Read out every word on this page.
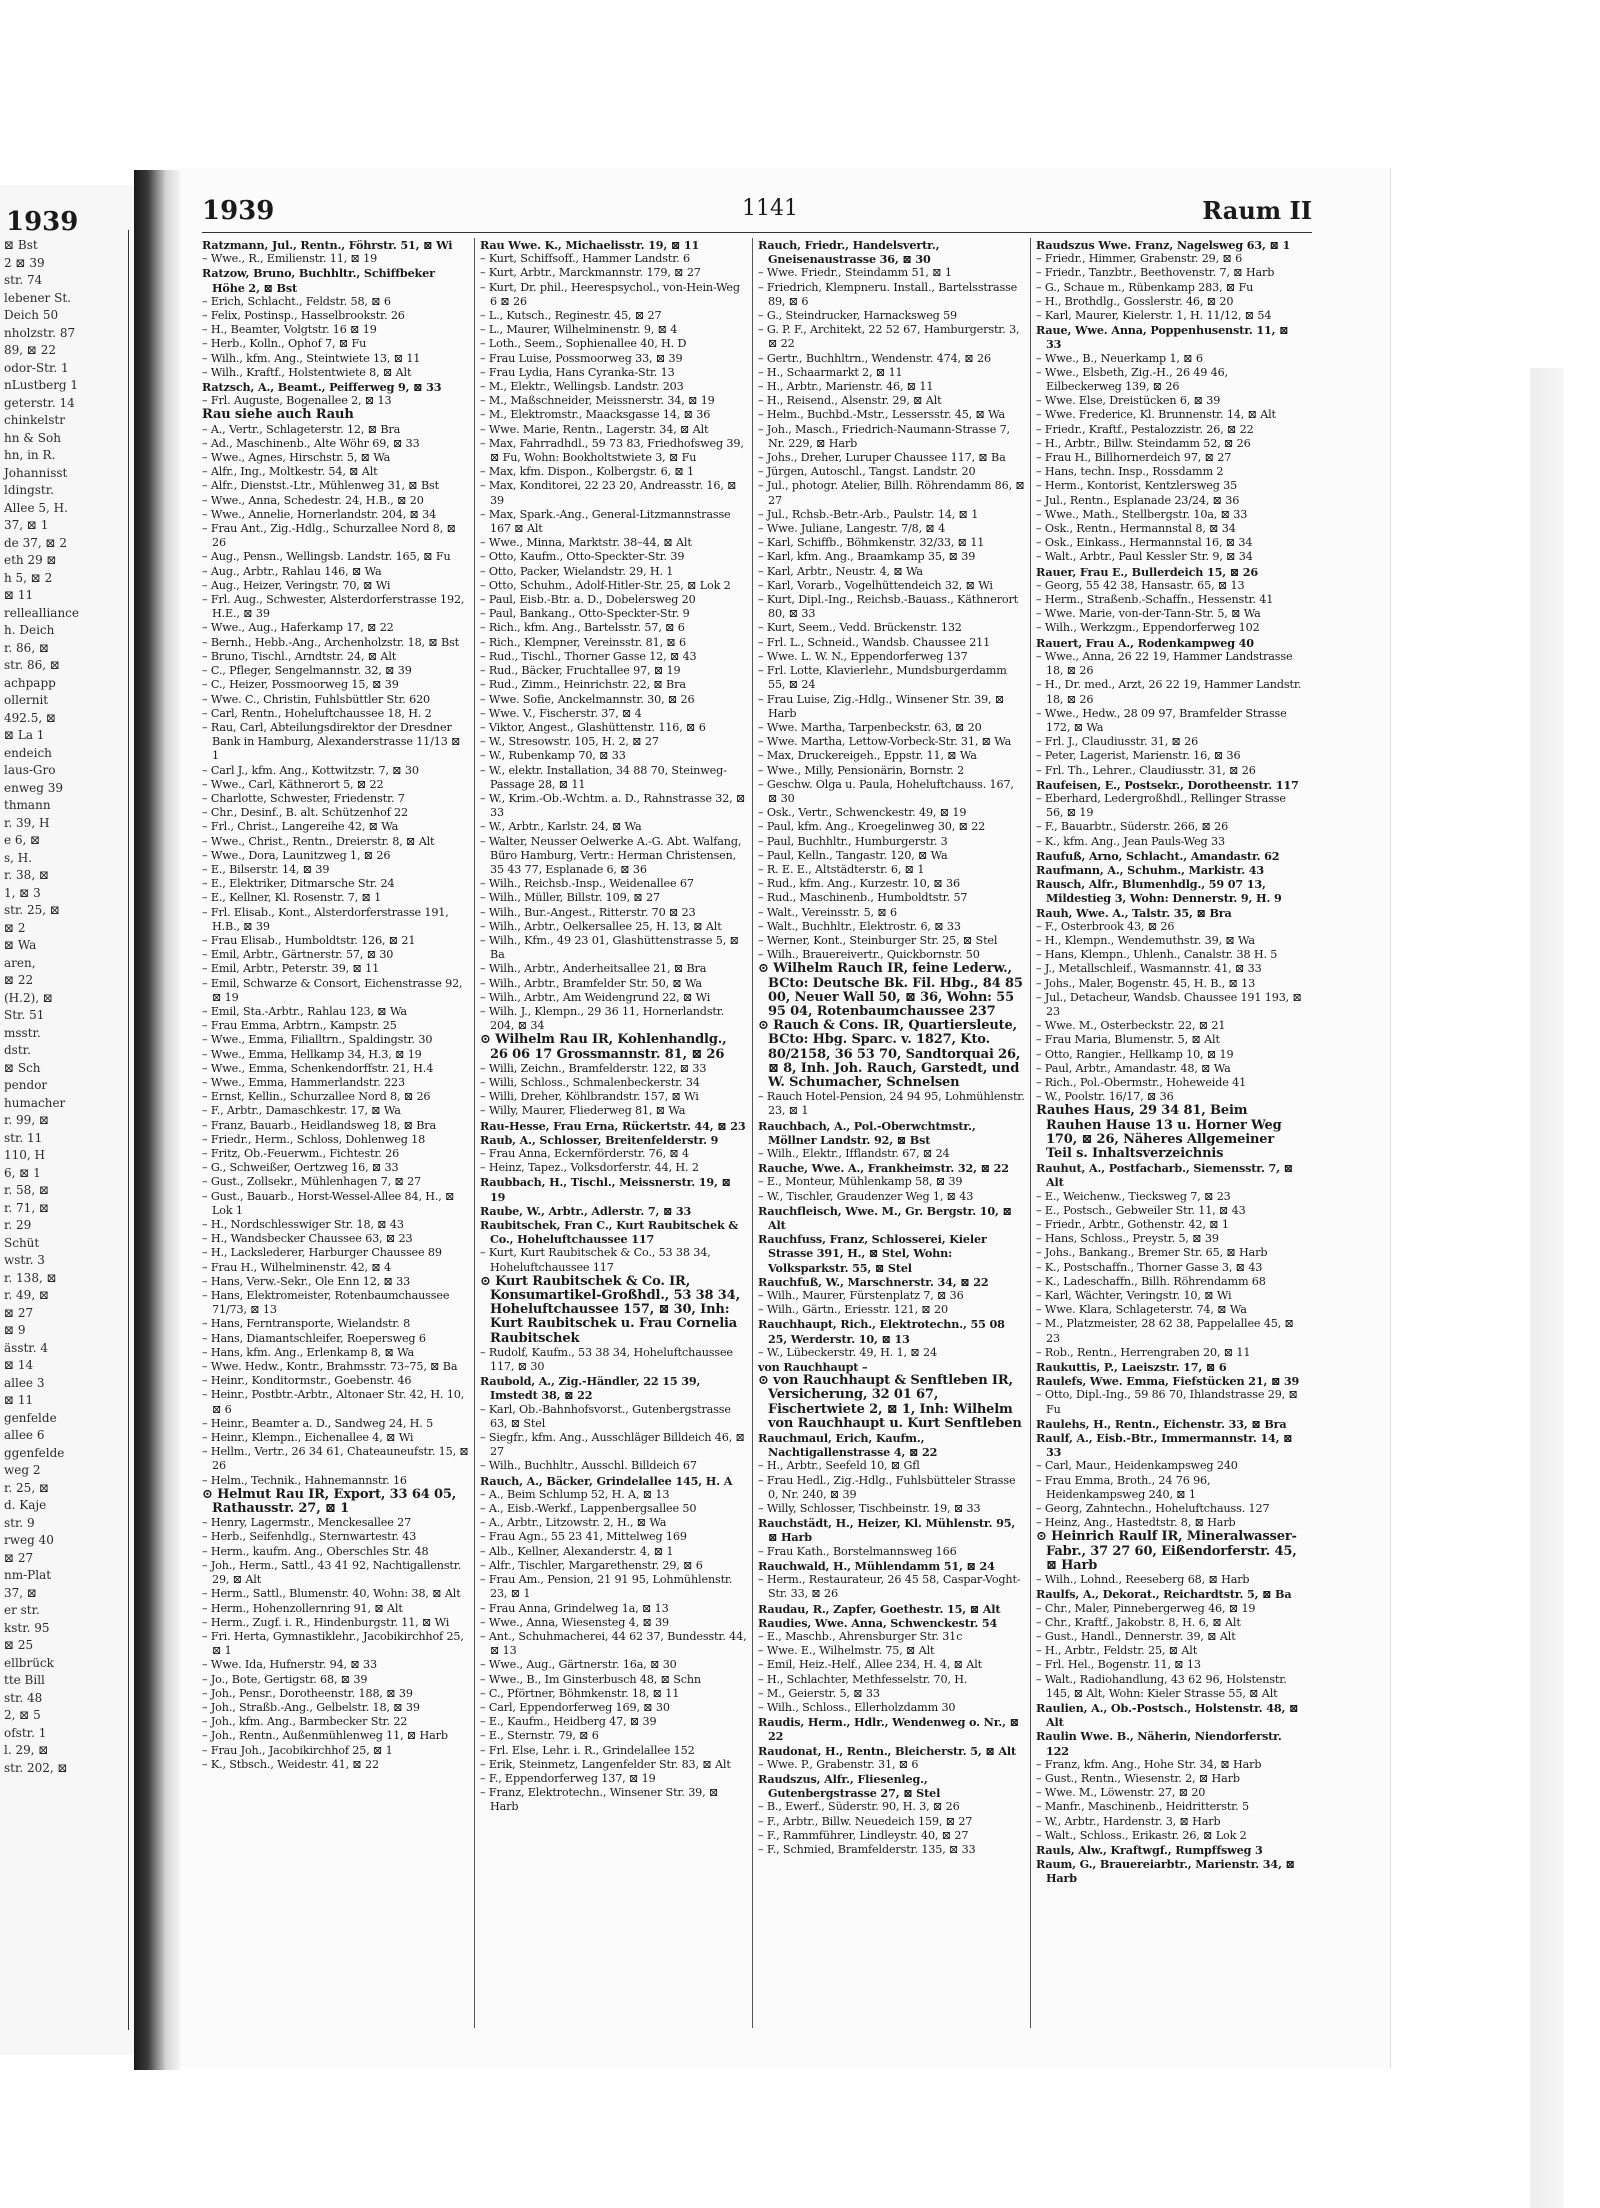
1939
⊠ Bst
2 ⊠ 39
str. 74
lebener St.
Deich 50
nholzstr. 87
89, ⊠ 22
odor-Str. 1
nLustberg 1
geterstr. 14
chinkelstr
hn & Soh
hn, in R.
Johannisst
ldingstr.
Allee 5, H.
37, ⊠ 1
de 37, ⊠ 2
eth 29 ⊠
h 5, ⊠ 2
⊠ 11
rellealliance
h. Deich
r. 86, ⊠
str. 86, ⊠
achpapp
ollernit
492.5, ⊠
⊠ La 1
endeich
laus-Gro
enweg 39
thmann
r. 39, H
e 6, ⊠
s, H.
r. 38, ⊠
1, ⊠ 3
str. 25, ⊠
⊠ 2
⊠ Wa
aren,
⊠ 22
(H.2), ⊠
Str. 51
msstr.
dstr.
⊠ Sch
pendor
humacher
r. 99, ⊠
str. 11
110, H
6, ⊠ 1
r. 58, ⊠
r. 71, ⊠
r. 29
Schüt
wstr. 3
r. 138, ⊠
r. 49, ⊠
⊠ 27
⊠ 9
ässtr. 4
⊠ 14
allee 3
⊠ 11
genfelde
allee 6
ggenfelde
weg 2
r. 25, ⊠
d. Kaje
str. 9
rweg 40
⊠ 27
nm-Plat
37, ⊠
er str.
kstr. 95
⊠ 25
ellbrück
tte Bill
str. 48
2, ⊠ 5
ofstr. 1
l. 29, ⊠
str. 202, ⊠
1939	1141	Raum II
Ratzmann, Jul., Rentn., Föhrstr. 51, ⊠ Wi
– Wwe., R., Emilienstr. 11, ⊠ 19
Ratzow, Bruno, Buchhltr., Schiffbeker Höhe 2, ⊠ Bst
– Erich, Schlacht., Feldstr. 58, ⊠ 6
– Felix, Postinsp., Hasselbrookstr. 26
– H., Beamter, Volgtstr. 16 ⊠ 19
– Herb., Kolln., Ophof 7, ⊠ Fu
– Wilh., kfm. Ang., Steintwiete 13, ⊠ 11
– Wilh., Kraftf., Holstentwiete 8, ⊠ Alt
Ratzsch, A., Beamt., Peifferweg 9, ⊠ 33
– Frl. Auguste, Bogenallee 2, ⊠ 13
Rau siehe auch Rauh
– A., Vertr., Schlageterstr. 12, ⊠ Bra
– Ad., Maschinenb., Alte Wöhr 69, ⊠ 33
– Wwe., Agnes, Hirschstr. 5, ⊠ Wa
– Alfr., Ing., Moltkestr. 54, ⊠ Alt
– Alfr., Dienstst.-Ltr., Mühlenweg 31, ⊠ Bst
– Wwe., Anna, Schedestr. 24, H.B., ⊠ 20
– Wwe., Annelie, Hornerlandstr. 204, ⊠ 34
– Frau Ant., Zig.-Hdlg., Schurzallee Nord 8, ⊠ 26
– Aug., Pensn., Wellingsb. Landstr. 165, ⊠ Fu
– Aug., Arbtr., Rahlau 146, ⊠ Wa
– Aug., Heizer, Veringstr. 70, ⊠ Wi
– Frl. Aug., Schwester, Alsterdorferstrasse 192, H.E., ⊠ 39
– Wwe., Aug., Haferkamp 17, ⊠ 22
– Bernh., Hebb.-Ang., Archenholzstr. 18, ⊠ Bst
– Bruno, Tischl., Arndtstr. 24, ⊠ Alt
– C., Pfleger, Sengelmannstr. 32, ⊠ 39
– C., Heizer, Possmoorweg 15, ⊠ 39
– Wwe. C., Christin, Fuhlsbüttler Str. 620
– Carl, Rentn., Hoheluftchaussee 18, H. 2
– Rau, Carl, Abteilungsdirektor der Dresdner Bank in Hamburg, Alexanderstrasse 11/13 ⊠ 1
– Carl J., kfm. Ang., Kottwitzstr. 7, ⊠ 30
– Wwe., Carl, Käthnerort 5, ⊠ 22
– Charlotte, Schwester, Friedenstr. 7
– Chr., Desinf., B. alt. Schützenhof 22
– Frl., Christ., Langereihe 42, ⊠ Wa
– Wwe., Christ., Rentn., Dreierstr. 8, ⊠ Alt
– Wwe., Dora, Launitzweg 1, ⊠ 26
– E., Bilserstr. 14, ⊠ 39
– E., Elektriker, Ditmarsche Str. 24
– E., Kellner, Kl. Rosenstr. 7, ⊠ 1
– Frl. Elisab., Kont., Alsterdorferstrasse 191, H.B., ⊠ 39
– Frau Elisab., Humboldtstr. 126, ⊠ 21
– Emil, Arbtr., Gärtnerstr. 57, ⊠ 30
– Emil, Arbtr., Peterstr. 39, ⊠ 11
– Emil, Schwarze & Consort, Eichenstrasse 92, ⊠ 19
– Emil, Sta.-Arbtr., Rahlau 123, ⊠ Wa
– Frau Emma, Arbtrn., Kampstr. 25
– Wwe., Emma, Filialltrn., Spaldingstr. 30
– Wwe., Emma, Hellkamp 34, H.3, ⊠ 19
– Wwe., Emma, Schenkendorffstr. 21, H.4
– Wwe., Emma, Hammerlandstr. 223
– Ernst, Kellin., Schurzallee Nord 8, ⊠ 26
– F., Arbtr., Damaschkestr. 17, ⊠ Wa
– Franz, Bauarb., Heidlandsweg 18, ⊠ Bra
– Friedr., Herm., Schloss, Dohlenweg 18
– Fritz, Ob.-Feuerwm., Fichtestr. 26
– G., Schweißer, Oertzweg 16, ⊠ 33
– Gust., Zollsekr., Mühlenhagen 7, ⊠ 27
– Gust., Bauarb., Horst-Wessel-Allee 84, H., ⊠ Lok 1
– H., Nordschlesswiger Str. 18, ⊠ 43
– H., Wandsbecker Chaussee 63, ⊠ 23
– H., Lackslederer, Harburger Chaussee 89
– Frau H., Wilhelminenstr. 42, ⊠ 4
– Hans, Verw.-Sekr., Ole Enn 12, ⊠ 33
– Hans, Elektromeister, Rotenbaumchaussee 71/73, ⊠ 13
– Hans, Ferntransporte, Wielandstr. 8
– Hans, Diamantschleifer, Roepersweg 6
– Hans, kfm. Ang., Erlenkamp 8, ⊠ Wa
– Wwe. Hedw., Kontr., Brahmsstr. 73–75, ⊠ Ba
– Heinr., Konditormstr., Goebenstr. 46
– Heinr., Postbtr.-Arbtr., Altonaer Str. 42, H. 10, ⊠ 6
– Heinr., Beamter a. D., Sandweg 24, H. 5
– Heinr., Klempn., Eichenallee 4, ⊠ Wi
– Hellm., Vertr., 26 34 61, Chateauneufstr. 15, ⊠ 26
– Helm., Technik., Hahnemannstr. 16
⊙ Helmut Rau IR, Export, 33 64 05, Rathausstr. 27, ⊠ 1
– Henry, Lagermstr., Menckesallee 27
– Herb., Seifenhdlg., Sternwartestr. 43
– Herm., kaufm. Ang., Oberschles Str. 48
– Joh., Herm., Sattl., 43 41 92, Nachtigallenstr. 29, ⊠ Alt
– Herm., Sattl., Blumenstr. 40, Wohn: 38, ⊠ Alt
– Herm., Hohenzollernring 91, ⊠ Alt
– Herm., Zugf. i. R., Hindenburgstr. 11, ⊠ Wi
– Fri. Herta, Gymnastiklehr., Jacobikirchhof 25, ⊠ 1
– Wwe. Ida, Hufnerstr. 94, ⊠ 33
– Jo., Bote, Gertigstr. 68, ⊠ 39
– Joh., Pensr., Dorotheenstr. 188, ⊠ 39
– Joh., Straßb.-Ang., Gelbelstr. 18, ⊠ 39
– Joh., kfm. Ang., Barmbecker Str. 22
– Joh., Rentn., Außenmühlenweg 11, ⊠ Harb
– Frau Joh., Jacobikirchhof 25, ⊠ 1
– K., Stbsch., Weidestr. 41, ⊠ 22
Rau Wwe. K., Michaelisstr. 19, ⊠ 11
– Kurt, Schiffsoff., Hammer Landstr. 6
– Kurt, Arbtr., Marckmannstr. 179, ⊠ 27
– Kurt, Dr. phil., Heerespsychol., von-Hein-Weg 6 ⊠ 26
– L., Kutsch., Reginestr. 45, ⊠ 27
– L., Maurer, Wilhelminenstr. 9, ⊠ 4
– Loth., Seem., Sophienallee 40, H. D
– Frau Luise, Possmoorweg 33, ⊠ 39
– Frau Lydia, Hans Cyranka-Str. 13
– M., Elektr., Wellingsb. Landstr. 203
– M., Maßschneider, Meissnerstr. 34, ⊠ 19
– M., Elektromstr., Maacksgasse 14, ⊠ 36
– Wwe. Marie, Rentn., Lagerstr. 34, ⊠ Alt
– Max, Fahrradhdl., 59 73 83, Friedhofsweg 39, ⊠ Fu, Wohn: Bookholtstwiete 3, ⊠ Fu
– Max, kfm. Dispon., Kolbergstr. 6, ⊠ 1
– Max, Konditorei, 22 23 20, Andreasstr. 16, ⊠ 39
– Max, Spark.-Ang., General-Litzmannstrasse 167 ⊠ Alt
– Wwe., Minna, Marktstr. 38–44, ⊠ Alt
– Otto, Kaufm., Otto-Speckter-Str. 39
– Otto, Packer, Wielandstr. 29, H. 1
– Otto, Schuhm., Adolf-Hitler-Str. 25, ⊠ Lok 2
– Paul, Eisb.-Btr. a. D., Dobelersweg 20
– Paul, Bankang., Otto-Speckter-Str. 9
– Rich., kfm. Ang., Bartelsstr. 57, ⊠ 6
– Rich., Klempner, Vereinsstr. 81, ⊠ 6
– Rud., Tischl., Thorner Gasse 12, ⊠ 43
– Rud., Bäcker, Fruchtallee 97, ⊠ 19
– Rud., Zimm., Heinrichstr. 22, ⊠ Bra
– Wwe. Sofie, Anckelmannstr. 30, ⊠ 26
– Wwe. V., Fischerstr. 37, ⊠ 4
– Viktor, Angest., Glashüttenstr. 116, ⊠ 6
– W., Stresowstr. 105, H. 2, ⊠ 27
– W., Rubenkamp 70, ⊠ 33
– W., elektr. Installation, 34 88 70, Steinweg-Passage 28, ⊠ 11
– W., Krim.-Ob.-Wchtm. a. D., Rahnstrasse 32, ⊠ 33
– W., Arbtr., Karlstr. 24, ⊠ Wa
– Walter, Neusser Oelwerke A.-G. Abt. Walfang, Büro Hamburg, Vertr.: Herman Christensen, 35 43 77, Esplanade 6, ⊠ 36
– Wilh., Reichsb.-Insp., Weidenallee 67
– Wilh., Müller, Billstr. 109, ⊠ 27
– Wilh., Bur.-Angest., Ritterstr. 70 ⊠ 23
– Wilh., Arbtr., Oelkersallee 25, H. 13, ⊠ Alt
– Wilh., Kfm., 49 23 01, Glashüttenstrasse 5, ⊠ Ba
– Wilh., Arbtr., Anderheitsallee 21, ⊠ Bra
– Wilh., Arbtr., Bramfelder Str. 50, ⊠ Wa
– Wilh., Arbtr., Am Weidengrund 22, ⊠ Wi
– Wilh. J., Klempn., 29 36 11, Hornerlandstr. 204, ⊠ 34
⊙ Wilhelm Rau IR, Kohlenhandlg., 26 06 17 Grossmannstr. 81, ⊠ 26
– Willi, Zeichn., Bramfelderstr. 122, ⊠ 33
– Willi, Schloss., Schmalenbeckerstr. 34
– Willi, Dreher, Köhlbrandstr. 157, ⊠ Wi
– Willy, Maurer, Fliederweg 81, ⊠ Wa
Rau-Hesse, Frau Erna, Rückertstr. 44, ⊠ 23
Raub, A., Schlosser, Breitenfelderstr. 9
– Frau Anna, Eckernförderstr. 76, ⊠ 4
– Heinz, Tapez., Volksdorferstr. 44, H. 2
Raubbach, H., Tischl., Meissnerstr. 19, ⊠ 19
Raube, W., Arbtr., Adlerstr. 7, ⊠ 33
Raubitschek, Fran C., Kurt Raubitschek & Co., Hoheluftchaussee 117
– Kurt, Kurt Raubitschek & Co., 53 38 34, Hoheluftchaussee 117
⊙ Kurt Raubitschek & Co. IR, Konsumartikel-Großhdl., 53 38 34, Hoheluftchaussee 157, ⊠ 30, Inh: Kurt Raubitschek u. Frau Cornelia Raubitschek
– Rudolf, Kaufm., 53 38 34, Hoheluftchaussee 117, ⊠ 30
Raubold, A., Zig.-Händler, 22 15 39, Imstedt 38, ⊠ 22
– Karl, Ob.-Bahnhofsvorst., Gutenbergstrasse 63, ⊠ Stel
– Siegfr., kfm. Ang., Ausschläger Billdeich 46, ⊠ 27
– Wilh., Buchhltr., Ausschl. Billdeich 67
Rauch, A., Bäcker, Grindelallee 145, H. A
– A., Beim Schlump 52, H. A, ⊠ 13
– A., Eisb.-Werkf., Lappenbergsallee 50
– A., Arbtr., Litzowstr. 2, H., ⊠ Wa
– Frau Agn., 55 23 41, Mittelweg 169
– Alb., Kellner, Alexanderstr. 4, ⊠ 1
– Alfr., Tischler, Margarethenstr. 29, ⊠ 6
– Frau Am., Pension, 21 91 95, Lohmühlenstr. 23, ⊠ 1
– Frau Anna, Grindelweg 1a, ⊠ 13
– Wwe., Anna, Wiesensteg 4, ⊠ 39
– Ant., Schuhmacherei, 44 62 37, Bundesstr. 44, ⊠ 13
– Wwe., Aug., Gärtnerstr. 16a, ⊠ 30
– Wwe., B., Im Ginsterbusch 48, ⊠ Schn
– C., Pförtner, Böhmkenstr. 18, ⊠ 11
– Carl, Eppendorferweg 169, ⊠ 30
– E., Kaufm., Heidberg 47, ⊠ 39
– E., Sternstr. 79, ⊠ 6
– Frl. Else, Lehr. i. R., Grindelallee 152
– Erik, Steinmetz, Langenfelder Str. 83, ⊠ Alt
– F., Eppendorferweg 137, ⊠ 19
– Franz, Elektrotechn., Winsener Str. 39, ⊠ Harb
Rauch, Friedr., Handelsvertr., Gneisenaustrasse 36, ⊠ 30
– Wwe. Friedr., Steindamm 51, ⊠ 1
– Friedrich, Klempneru. Install., Bartelsstrasse 89, ⊠ 6
– G., Steindrucker, Harnacksweg 59
– G. P. F., Architekt, 22 52 67, Hamburgerstr. 3, ⊠ 22
– Gertr., Buchhltrn., Wendenstr. 474, ⊠ 26
– H., Schaarmarkt 2, ⊠ 11
– H., Arbtr., Marienstr. 46, ⊠ 11
– H., Reisend., Alsenstr. 29, ⊠ Alt
– Helm., Buchbd.-Mstr., Lessersstr. 45, ⊠ Wa
– Joh., Masch., Friedrich-Naumann-Strasse 7, Nr. 229, ⊠ Harb
– Johs., Dreher, Luruper Chaussee 117, ⊠ Ba
– Jürgen, Autoschl., Tangst. Landstr. 20
– Jul., photogr. Atelier, Billh. Röhrendamm 86, ⊠ 27
– Jul., Rchsb.-Betr.-Arb., Paulstr. 14, ⊠ 1
– Wwe. Juliane, Langestr. 7/8, ⊠ 4
– Karl, Schiffb., Böhmkenstr. 32/33, ⊠ 11
– Karl, kfm. Ang., Braamkamp 35, ⊠ 39
– Karl, Arbtr., Neustr. 4, ⊠ Wa
– Karl, Vorarb., Vogelhüttendeich 32, ⊠ Wi
– Kurt, Dipl.-Ing., Reichsb.-Bauass., Käthnerort 80, ⊠ 33
– Kurt, Seem., Vedd. Brückenstr. 132
– Frl. L., Schneid., Wandsb. Chaussee 211
– Wwe. L. W. N., Eppendorferweg 137
– Frl. Lotte, Klavierlehr., Mundsburgerdamm 55, ⊠ 24
– Frau Luise, Zig.-Hdlg., Winsener Str. 39, ⊠ Harb
– Wwe. Martha, Tarpenbeckstr. 63, ⊠ 20
– Wwe. Martha, Lettow-Vorbeck-Str. 31, ⊠ Wa
– Max, Druckereigeh., Eppstr. 11, ⊠ Wa
– Wwe., Milly, Pensionärin, Bornstr. 2
– Geschw. Olga u. Paula, Hoheluftchauss. 167, ⊠ 30
– Osk., Vertr., Schwenckestr. 49, ⊠ 19
– Paul, kfm. Ang., Kroegelinweg 30, ⊠ 22
– Paul, Buchhltr., Humburgerstr. 3
– Paul, Kelln., Tangastr. 120, ⊠ Wa
– R. E. E., Altstädterstr. 6, ⊠ 1
– Rud., kfm. Ang., Kurzestr. 10, ⊠ 36
– Rud., Maschinenb., Humboldtstr. 57
– Walt., Vereinsstr. 5, ⊠ 6
– Walt., Buchhltr., Elektrostr. 6, ⊠ 33
– Werner, Kont., Steinburger Str. 25, ⊠ Stel
– Wilh., Brauereivertr., Quickbornstr. 50
⊙ Wilhelm Rauch IR, feine Lederw., BCto: Deutsche Bk. Fil. Hbg., 84 85 00, Neuer Wall 50, ⊠ 36, Wohn: 55 95 04, Rotenbaumchaussee 237
⊙ Rauch & Cons. IR, Quartiersleute, BCto: Hbg. Sparc. v. 1827, Kto. 80/2158, 36 53 70, Sandtorquai 26, ⊠ 8, Inh. Joh. Rauch, Garstedt, und W. Schumacher, Schnelsen
– Rauch Hotel-Pension, 24 94 95, Lohmühlenstr. 23, ⊠ 1
Rauchbach, A., Pol.-Oberwchtmstr., Möllner Landstr. 92, ⊠ Bst
– Wilh., Elektr., Ifflandstr. 67, ⊠ 24
Rauche, Wwe. A., Frankheimstr. 32, ⊠ 22
– E., Monteur, Mühlenkamp 58, ⊠ 39
– W., Tischler, Graudenzer Weg 1, ⊠ 43
Rauchfleisch, Wwe. M., Gr. Bergstr. 10, ⊠ Alt
Rauchfuss, Franz, Schlosserei, Kieler Strasse 391, H., ⊠ Stel, Wohn: Volksparkstr. 55, ⊠ Stel
Rauchfuß, W., Marschnerstr. 34, ⊠ 22
– Wilh., Maurer, Fürstenplatz 7, ⊠ 36
– Wilh., Gärtn., Eriesstr. 121, ⊠ 20
Rauchhaupt, Rich., Elektrotechn., 55 08 25, Werderstr. 10, ⊠ 13
– W., Lübeckerstr. 49, H. 1, ⊠ 24
von Rauchhaupt –
⊙ von Rauchhaupt & Senftleben IR, Versicherung, 32 01 67, Fischertwiete 2, ⊠ 1, Inh: Wilhelm von Rauchhaupt u. Kurt Senftleben
Rauchmaul, Erich, Kaufm., Nachtigallenstrasse 4, ⊠ 22
– H., Arbtr., Seefeld 10, ⊠ Gfl
– Frau Hedl., Zig.-Hdlg., Fuhlsbütteler Strasse 0, Nr. 240, ⊠ 39
– Willy, Schlosser, Tischbeinstr. 19, ⊠ 33
Rauchstädt, H., Heizer, Kl. Mühlenstr. 95, ⊠ Harb
– Frau Kath., Borstelmannsweg 166
Rauchwald, H., Mühlendamm 51, ⊠ 24
– Herm., Restaurateur, 26 45 58, Caspar-Voght-Str. 33, ⊠ 26
Raudau, R., Zapfer, Goethestr. 15, ⊠ Alt
Raudies, Wwe. Anna, Schwenckestr. 54
– E., Maschb., Ahrensburger Str. 31c
– Wwe. E., Wilhelmstr. 75, ⊠ Alt
– Emil, Heiz.-Helf., Allee 234, H. 4, ⊠ Alt
– H., Schlachter, Methfesselstr. 70, H.
– M., Geierstr. 5, ⊠ 33
– Wilh., Schloss., Ellerholzdamm 30
Raudis, Herm., Hdlr., Wendenweg o. Nr., ⊠ 22
Raudonat, H., Rentn., Bleicherstr. 5, ⊠ Alt
– Wwe. P., Grabenstr. 31, ⊠ 6
Raudszus, Alfr., Fliesenleg., Gutenbergstrasse 27, ⊠ Stel
– B., Ewerf., Süderstr. 90, H. 3, ⊠ 26
– F., Arbtr., Billw. Neuedeich 159, ⊠ 27
– F., Rammführer, Lindleystr. 40, ⊠ 27
– F., Schmied, Bramfelderstr. 135, ⊠ 33
Raudszus Wwe. Franz, Nagelsweg 63, ⊠ 1
– Friedr., Himmer, Grabenstr. 29, ⊠ 6
– Friedr., Tanzbtr., Beethovenstr. 7, ⊠ Harb
– G., Schaue m., Rübenkamp 283, ⊠ Fu
– H., Brothdlg., Gosslerstr. 46, ⊠ 20
– Karl, Maurer, Kielerstr. 1, H. 11/12, ⊠ 54
Raue, Wwe. Anna, Poppenhusenstr. 11, ⊠ 33
– Wwe., B., Neuerkamp 1, ⊠ 6
– Wwe., Elsbeth, Zig.-H., 26 49 46, Eilbeckerweg 139, ⊠ 26
– Wwe. Else, Dreistücken 6, ⊠ 39
– Wwe. Frederice, Kl. Brunnenstr. 14, ⊠ Alt
– Friedr., Kraftf., Pestalozzistr. 26, ⊠ 22
– H., Arbtr., Billw. Steindamm 52, ⊠ 26
– Frau H., Billhornerdeich 97, ⊠ 27
– Hans, techn. Insp., Rossdamm 2
– Herm., Kontorist, Kentzlersweg 35
– Jul., Rentn., Esplanade 23/24, ⊠ 36
– Wwe., Math., Stellbergstr. 10a, ⊠ 33
– Osk., Rentn., Hermannstal 8, ⊠ 34
– Osk., Einkass., Hermannstal 16, ⊠ 34
– Walt., Arbtr., Paul Kessler Str. 9, ⊠ 34
Rauer, Frau E., Bullerdeich 15, ⊠ 26
– Georg, 55 42 38, Hansastr. 65, ⊠ 13
– Herm., Straßenb.-Schaffn., Hessenstr. 41
– Wwe. Marie, von-der-Tann-Str. 5, ⊠ Wa
– Wilh., Werkzgm., Eppendorferweg 102
Rauert, Frau A., Rodenkampweg 40
– Wwe., Anna, 26 22 19, Hammer Landstrasse 18, ⊠ 26
– H., Dr. med., Arzt, 26 22 19, Hammer Landstr. 18, ⊠ 26
– Wwe., Hedw., 28 09 97, Bramfelder Strasse 172, ⊠ Wa
– Frl. J., Claudiusstr. 31, ⊠ 26
– Peter, Lagerist, Marienstr. 16, ⊠ 36
– Frl. Th., Lehrer., Claudiusstr. 31, ⊠ 26
Raufeisen, E., Postsekr., Dorotheenstr. 117
– Eberhard, Ledergroßhdl., Rellinger Strasse 56, ⊠ 19
– F., Bauarbtr., Süderstr. 266, ⊠ 26
– K., kfm. Ang., Jean Pauls-Weg 33
Raufuß, Arno, Schlacht., Amandastr. 62
Raufmann, A., Schuhm., Markistr. 43
Rausch, Alfr., Blumenhdlg., 59 07 13, Mildestieg 3, Wohn: Dennerstr. 9, H. 9
Rauh, Wwe. A., Talstr. 35, ⊠ Bra
– F., Osterbrook 43, ⊠ 26
– H., Klempn., Wendemuthstr. 39, ⊠ Wa
– Hans, Klempn., Uhlenh., Canalstr. 38 H. 5
– J., Metallschleif., Wasmannstr. 41, ⊠ 33
– Johs., Maler, Bogenstr. 45, H. B., ⊠ 13
– Jul., Detacheur, Wandsb. Chaussee 191 193, ⊠ 23
– Wwe. M., Osterbeckstr. 22, ⊠ 21
– Frau Maria, Blumenstr. 5, ⊠ Alt
– Otto, Rangier., Hellkamp 10, ⊠ 19
– Paul, Arbtr., Amandastr. 48, ⊠ Wa
– Rich., Pol.-Obermstr., Hoheweide 41
– W., Poolstr. 16/17, ⊠ 36
Rauhes Haus, 29 34 81, Beim Rauhen Hause 13 u. Horner Weg 170, ⊠ 26, Näheres Allgemeiner Teil s. Inhaltsverzeichnis
Rauhut, A., Postfacharb., Siemensstr. 7, ⊠ Alt
– E., Weichenw., Tiecksweg 7, ⊠ 23
– E., Postsch., Gebweiler Str. 11, ⊠ 43
– Friedr., Arbtr., Gothenstr. 42, ⊠ 1
– Hans, Schloss., Preystr. 5, ⊠ 39
– Johs., Bankang., Bremer Str. 65, ⊠ Harb
– K., Postschaffn., Thorner Gasse 3, ⊠ 43
– K., Ladeschaffn., Billh. Röhrendamm 68
– Karl, Wächter, Veringstr. 10, ⊠ Wi
– Wwe. Klara, Schlageterstr. 74, ⊠ Wa
– M., Platzmeister, 28 62 38, Pappelallee 45, ⊠ 23
– Rob., Rentn., Herrengraben 20, ⊠ 11
Raukuttis, P., Laeiszstr. 17, ⊠ 6
Raulefs, Wwe. Emma, Fiefstücken 21, ⊠ 39
– Otto, Dipl.-Ing., 59 86 70, Ihlandstrasse 29, ⊠ Fu
Raulehs, H., Rentn., Eichenstr. 33, ⊠ Bra
Raulf, A., Eisb.-Btr., Immermannstr. 14, ⊠ 33
– Carl, Maur., Heidenkampsweg 240
– Frau Emma, Broth., 24 76 96, Heidenkampsweg 240, ⊠ 1
– Georg, Zahntechn., Hoheluftchauss. 127
– Heinz, Ang., Hastedtstr. 8, ⊠ Harb
⊙ Heinrich Raulf IR, Mineralwasser-Fabr., 37 27 60, Eißendorferstr. 45, ⊠ Harb
– Wilh., Lohnd., Reeseberg 68, ⊠ Harb
Raulfs, A., Dekorat., Reichardtstr. 5, ⊠ Ba
– Chr., Maler, Pinnebergerweg 46, ⊠ 19
– Chr., Kraftf., Jakobstr. 8, H. 6, ⊠ Alt
– Gust., Handl., Dennerstr. 39, ⊠ Alt
– H., Arbtr., Feldstr. 25, ⊠ Alt
– Frl. Hel., Bogenstr. 11, ⊠ 13
– Walt., Radiohandlung, 43 62 96, Holstenstr. 145, ⊠ Alt, Wohn: Kieler Strasse 55, ⊠ Alt
Raulien, A., Ob.-Postsch., Holstenstr. 48, ⊠ Alt
Raulin Wwe. B., Näherin, Niendorferstr. 122
– Franz, kfm. Ang., Hohe Str. 34, ⊠ Harb
– Gust., Rentn., Wiesenstr. 2, ⊠ Harb
– Wwe. M., Löwenstr. 27, ⊠ 20
– Manfr., Maschinenb., Heidritterstr. 5
– W., Arbtr., Hardenstr. 3, ⊠ Harb
– Walt., Schloss., Erikastr. 26, ⊠ Lok 2
Rauls, Alw., Kraftwgf., Rumpffsweg 3
Raum, G., Brauereiarbtr., Marienstr. 34, ⊠ Harb
